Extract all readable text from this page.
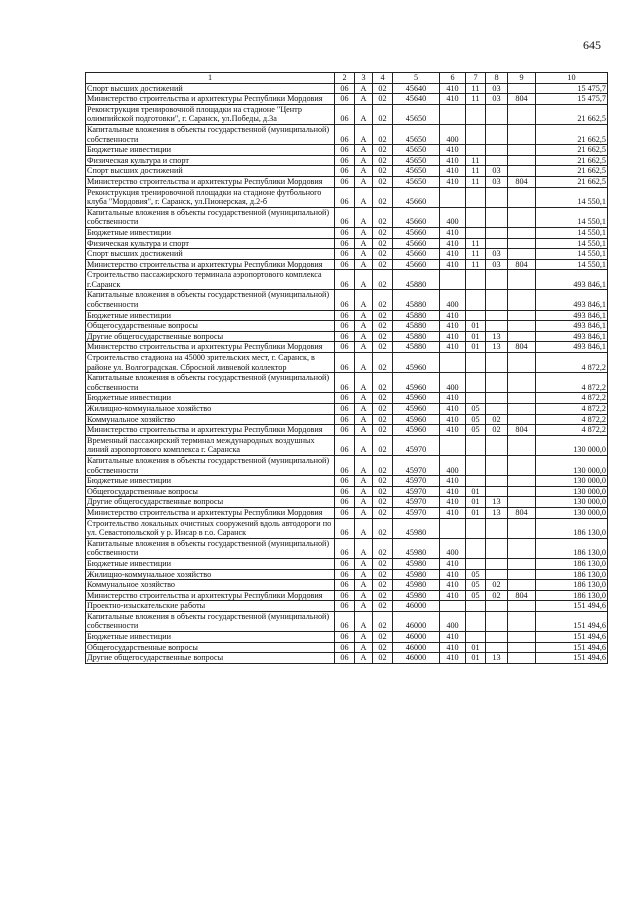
645
1	2	3	4	5	6	7	8	9	10
Спорт высших достижений	06	А	02	45640	410	11	03		15 475,7
Министерство строительства и архитектуры Республики Мордовия	06	А	02	45640	410	11	03	804	15 475,7
Реконструкция тренировочной площадки на стадионе "Центр олимпийской подготовки", г. Саранск, ул.Победы, д.3а	06	А	02	45650					21 662,5
Капитальные вложения в объекты государственной (муниципальной) собственности	06	А	02	45650	400				21 662,5
Бюджетные инвестиции	06	А	02	45650	410				21 662,5
Физическая культура и спорт	06	А	02	45650	410	11			21 662,5
Спорт высших достижений	06	А	02	45650	410	11	03		21 662,5
Министерство строительства и архитектуры Республики Мордовия	06	А	02	45650	410	11	03	804	21 662,5
Реконструкция тренировочной площадки на стадионе футбольного клуба "Мордовия", г. Саранск, ул.Пионерская, д.2-б	06	А	02	45660					14 550,1
Капитальные вложения в объекты государственной (муниципальной) собственности	06	А	02	45660	400				14 550,1
Бюджетные инвестиции	06	А	02	45660	410				14 550,1
Физическая культура и спорт	06	А	02	45660	410	11			14 550,1
Спорт высших достижений	06	А	02	45660	410	11	03		14 550,1
Министерство строительства и архитектуры Республики Мордовия	06	А	02	45660	410	11	03	804	14 550,1
Строительство пассажирского терминала аэропортового комплекса г.Саранск	06	А	02	45880					493 846,1
Капитальные вложения в объекты государственной (муниципальной) собственности	06	А	02	45880	400				493 846,1
Бюджетные инвестиции	06	А	02	45880	410				493 846,1
Общегосударственные вопросы	06	А	02	45880	410	01			493 846,1
Другие общегосударственные вопросы	06	А	02	45880	410	01	13		493 846,1
Министерство строительства и архитектуры Республики Мордовия	06	А	02	45880	410	01	13	804	493 846,1
Строительство стадиона на 45000 зрительских мест, г. Саранск, в районе ул. Волгоградская. Сбросной ливневой коллектор	06	А	02	45960					4 872,2
Капитальные вложения в объекты государственной (муниципальной) собственности	06	А	02	45960	400				4 872,2
Бюджетные инвестиции	06	А	02	45960	410				4 872,2
Жилищно-коммунальное хозяйство	06	А	02	45960	410	05			4 872,2
Коммунальное хозяйство	06	А	02	45960	410	05	02		4 872,2
Министерство строительства и архитектуры Республики Мордовия	06	А	02	45960	410	05	02	804	4 872,2
Временный пассажирский терминал международных воздушных линий аэропортового комплекса г. Саранска	06	А	02	45970					130 000,0
Капитальные вложения в объекты государственной (муниципальной) собственности	06	А	02	45970	400				130 000,0
Бюджетные инвестиции	06	А	02	45970	410				130 000,0
Общегосударственные вопросы	06	А	02	45970	410	01			130 000,0
Другие общегосударственные вопросы	06	А	02	45970	410	01	13		130 000,0
Министерство строительства и архитектуры Республики Мордовия	06	А	02	45970	410	01	13	804	130 000,0
Строительство локальных очистных сооружений вдоль автодороги по ул. Севастопольской у р. Инсар в г.о. Саранск	06	А	02	45980					186 130,0
Капитальные вложения в объекты государственной (муниципальной) собственности	06	А	02	45980	400				186 130,0
Бюджетные инвестиции	06	А	02	45980	410				186 130,0
Жилищно-коммунальное хозяйство	06	А	02	45980	410	05			186 130,0
Коммунальное хозяйство	06	А	02	45980	410	05	02		186 130,0
Министерство строительства и архитектуры Республики Мордовия	06	А	02	45980	410	05	02	804	186 130,0
Проектно-изыскательские работы	06	А	02	46000					151 494,6
Капитальные вложения в объекты государственной (муниципальной) собственности	06	А	02	46000	400				151 494,6
Бюджетные инвестиции	06	А	02	46000	410				151 494,6
Общегосударственные вопросы	06	А	02	46000	410	01			151 494,6
Другие общегосударственные вопросы	06	А	02	46000	410	01	13		151 494,6
